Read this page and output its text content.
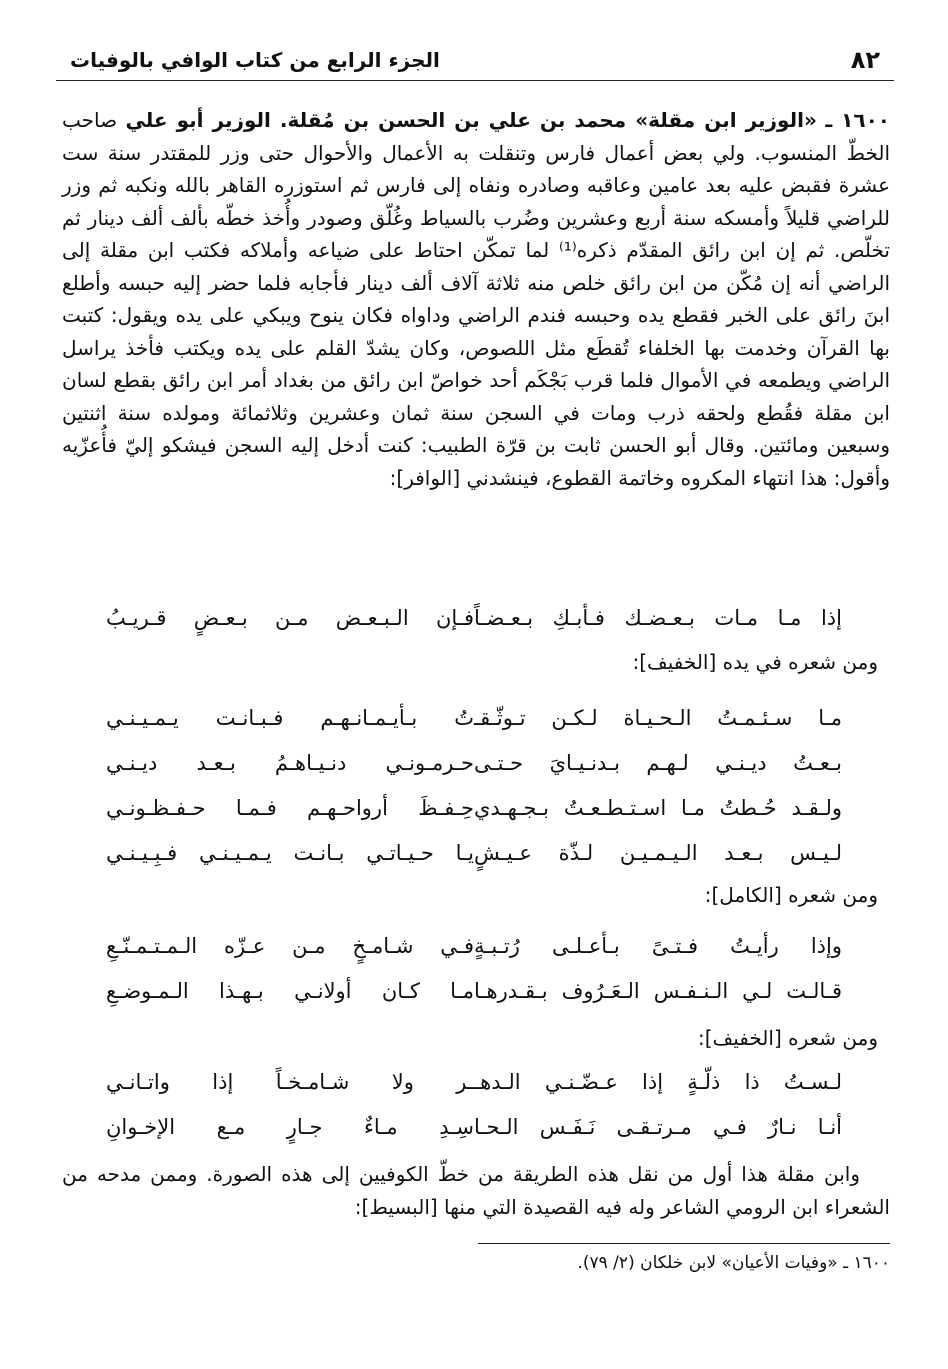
٨٢
الجزء الرابع من كتاب الوافي بالوفيات

١٦٠٠ ـ «الوزير ابن مقلة» محمد بن علي بن الحسن بن مُقلة. الوزير أبو علي صاحب الخطّ المنسوب. ولي بعض أعمال فارس وتنقلت به الأعمال والأحوال حتى وزر للمقتدر سنة ست عشرة فقبض عليه بعد عامين وعاقبه وصادره ونفاه إلى فارس ثم استوزره القاهر بالله ونكبه ثم وزر للراضي قليلاً وأمسكه سنة أربع وعشرين وضُرب بالسياط وغُلّق وصودر وأُخذ خطّه بألف ألف دينار ثم تخلّص. ثم إن ابن رائق المقدّم ذكره⁽¹⁾ لما تمكّن احتاط على ضياعه وأملاكه فكتب ابن مقلة إلى الراضي أنه إن مُكّن من ابن رائق خلص منه ثلاثة آلاف ألف دينار فأجابه فلما حضر إليه حبسه وأطلع ابنَ رائق على الخبر فقطع يده وحبسه فندم الراضي وداواه فكان ينوح ويبكي على يده ويقول: كتبت بها القرآن وخدمت بها الخلفاء تُقطَع مثل اللصوص، وكان يشدّ القلم على يده ويكتب فأخذ يراسل الراضي ويطمعه في الأموال فلما قرب بَجْكَم أحد خواصّ ابن رائق من بغداد أمر ابن رائق بقطع لسان ابن مقلة فقُطع ولحقه ذرب ومات في السجن سنة ثمان وعشرين وثلاثمائة ومولده سنة اثنتين وسبعين ومائتين. وقال أبو الحسن ثابت بن قرّة الطبيب: كنت أدخل إليه السجن فيشكو إليّ فأُعزّيه وأقول: هذا انتهاء المكروه وخاتمة القطوع، فينشدني [الوافر]:

إذا مـا مـات بـعـضـك فـأبـكِ بـعـضـاً
فـإن الـبـعـض مـن بـعـضٍ قـريـبُ
ومن شعره في يده [الخفيف]:
مـا سـئـمـتُ الـحـيـاة لـكـن تـوثّـقـ
تُ بـأيـمـانـهـم فـبـانـت يـمـيـنـي
بـعـتُ ديـنـي لـهـم بـدنـيـايَ حـتـى
حـرمـونـي دنـيـاهـمُ بـعـد ديـنـي
ولـقـد حُـطتُ مـا اسـتـطـعـتُ بـجـهـدي
حِـفـظَ أرواحـهـم فـمـا حـفـظـونـي
لـيـس بـعـد الـيـمـيـن لـذّة عـيـشٍ
يـا حـيـاتـي بـانـت يـمـيـنـي فـبِـيـنـي
ومن شعره [الكامل]:
وإذا رأيـتُ فـتـىً بـأعـلـى رُتـبـةٍ
فـي شـامـخٍ مـن عـزّه الـمـتـمـنّـعِ
قـالـت لـي الـنـفـس الـعَـرُوف بـقـدرهـا
مـا كـان أولانـي بـهـذا الـمـوضـعِ
ومن شعره [الخفيف]:
لـسـتُ ذا ذلّـةٍ إذا عـضّـنـي الـدهـ
ـر ولا شـامـخـاً إذا واتـانـي
أنـا نـارٌ فـي مـرتـقـى نَـفَـس الـحـا
سِـدِ مـاءٌ جـارٍ مـع الإخـوانِ

وابن مقلة هذا أول من نقل هذه الطريقة من خطّ الكوفيين إلى هذه الصورة. وممن مدحه من الشعراء ابن الرومي الشاعر وله فيه القصيدة التي منها [البسيط]:

١٦٠٠ ـ «وفيات الأعيان» لابن خلكان (٢/ ٧٩).
